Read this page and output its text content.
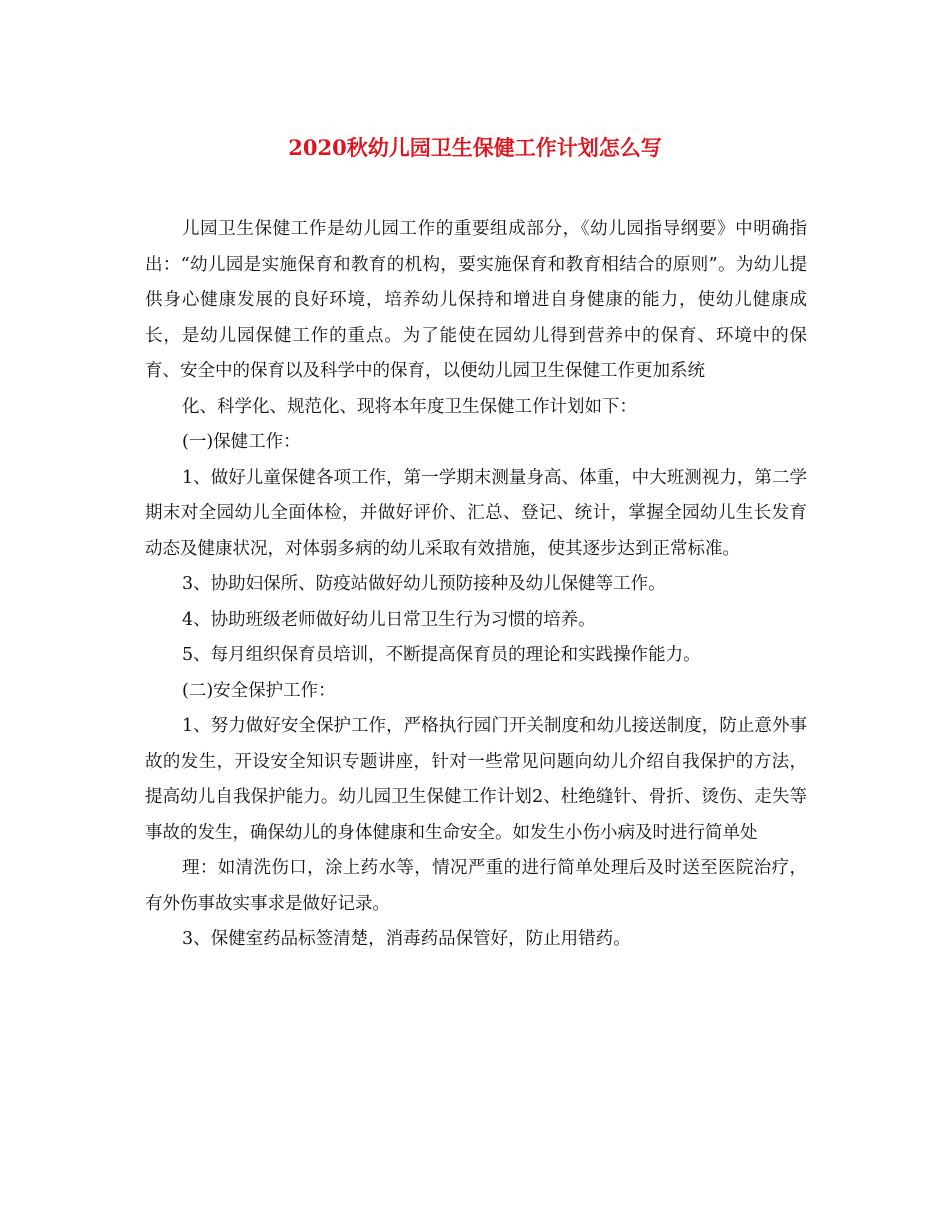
2020秋幼儿园卫生保健工作计划怎么写

儿园卫生保健工作是幼儿园工作的重要组成部分，《幼儿园指导纲要》中明确指出：“幼儿园是实施保育和教育的机构，要实施保育和教育相结合的原则”。为幼儿提供身心健康发展的良好环境，培养幼儿保持和增进自身健康的能力，使幼儿健康成长，是幼儿园保健工作的重点。为了能使在园幼儿得到营养中的保育、环境中的保育、安全中的保育以及科学中的保育，以便幼儿园卫生保健工作更加系统

化、科学化、规范化、现将本年度卫生保健工作计划如下：

(一)保健工作：

1、做好儿童保健各项工作，第一学期末测量身高、体重，中大班测视力，第二学期末对全园幼儿全面体检，并做好评价、汇总、登记、统计，掌握全园幼儿生长发育动态及健康状况，对体弱多病的幼儿采取有效措施，使其逐步达到正常标准。

3、协助妇保所、防疫站做好幼儿预防接种及幼儿保健等工作。

4、协助班级老师做好幼儿日常卫生行为习惯的培养。

5、每月组织保育员培训，不断提高保育员的理论和实践操作能力。

(二)安全保护工作：

1、努力做好安全保护工作，严格执行园门开关制度和幼儿接送制度，防止意外事故的发生，开设安全知识专题讲座，针对一些常见问题向幼儿介绍自我保护的方法，提高幼儿自我保护能力。幼儿园卫生保健工作计划2、杜绝缝针、骨折、烫伤、走失等事故的发生，确保幼儿的身体健康和生命安全。如发生小伤小病及时进行简单处

理：如清洗伤口，涂上药水等，情况严重的进行简单处理后及时送至医院治疗，有外伤事故实事求是做好记录。

3、保健室药品标签清楚，消毒药品保管好，防止用错药。
